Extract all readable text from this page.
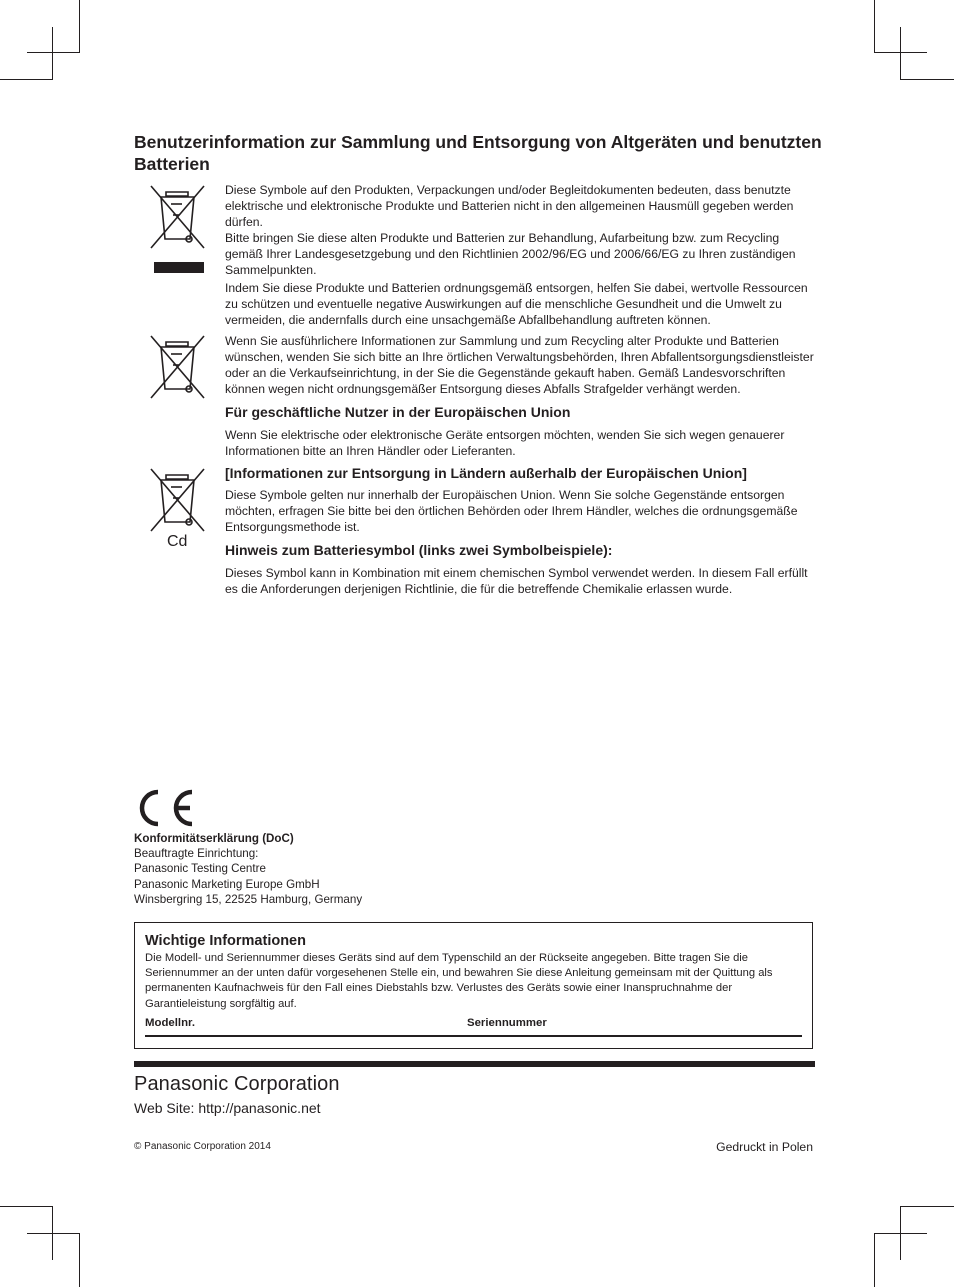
Benutzerinformation zur Sammlung und Entsorgung von Altgeräten und benutzten Batterien
Cd

Diese Symbole auf den Produkten, Verpackungen und/oder Begleitdokumenten bedeuten, dass benutzte elektrische und elektronische Produkte und Batterien nicht in den allgemeinen Hausmüll gegeben werden dürfen.

Bitte bringen Sie diese alten Produkte und Batterien zur Behandlung, Aufarbeitung bzw. zum Recycling gemäß Ihrer Landesgesetzgebung und den Richtlinien 2002/96/EG und 2006/66/EG zu Ihren zuständigen Sammelpunkten.

Indem Sie diese Produkte und Batterien ordnungsgemäß entsorgen, helfen Sie dabei, wertvolle Ressourcen zu schützen und eventuelle negative Auswirkungen auf die menschliche Gesundheit und die Umwelt zu vermeiden, die andernfalls durch eine unsachgemäße Abfallbehandlung auftreten können.

Wenn Sie ausführlichere Informationen zur Sammlung und zum Recycling alter Produkte und Batterien wünschen, wenden Sie sich bitte an Ihre örtlichen Verwaltungsbehörden, Ihren Abfallentsorgungsdienstleister oder an die Verkaufseinrichtung, in der Sie die Gegenstände gekauft haben. Gemäß Landesvorschriften können wegen nicht ordnungsgemäßer Entsorgung dieses Abfalls Strafgelder verhängt werden.

Für geschäftliche Nutzer in der Europäischen Union

Wenn Sie elektrische oder elektronische Geräte entsorgen möchten, wenden Sie sich wegen genauerer Informationen bitte an Ihren Händler oder Lieferanten.

[Informationen zur Entsorgung in Ländern außerhalb der Europäischen Union]

Diese Symbole gelten nur innerhalb der Europäischen Union. Wenn Sie solche Gegenstände entsorgen möchten, erfragen Sie bitte bei den örtlichen Behörden oder Ihrem Händler, welches die ordnungsgemäße Entsorgungsmethode ist.

Hinweis zum Batteriesymbol (links zwei Symbolbeispiele):

Dieses Symbol kann in Kombination mit einem chemischen Symbol verwendet werden. In diesem Fall erfüllt es die Anforderungen derjenigen Richtlinie, die für die betreffende Chemikalie erlassen wurde.

Konformitätserklärung (DoC)
Beauftragte Einrichtung:
Panasonic Testing Centre
Panasonic Marketing Europe GmbH
Winsbergring 15, 22525 Hamburg, Germany
Wichtige Informationen
Die Modell- und Seriennummer dieses Geräts sind auf dem Typenschild an der Rückseite angegeben. Bitte tragen Sie die Seriennummer an der unten dafür vorgesehenen Stelle ein, und bewahren Sie diese Anleitung gemeinsam mit der Quittung als permanenten Kaufnachweis für den Fall eines Diebstahls bzw. Verlustes des Geräts sowie einer Inanspruchnahme der Garantieleistung sorgfältig auf.
Modellnr.	Seriennummer
Panasonic Corporation
Web Site: http://panasonic.net
© Panasonic Corporation 2014	Gedruckt in Polen
